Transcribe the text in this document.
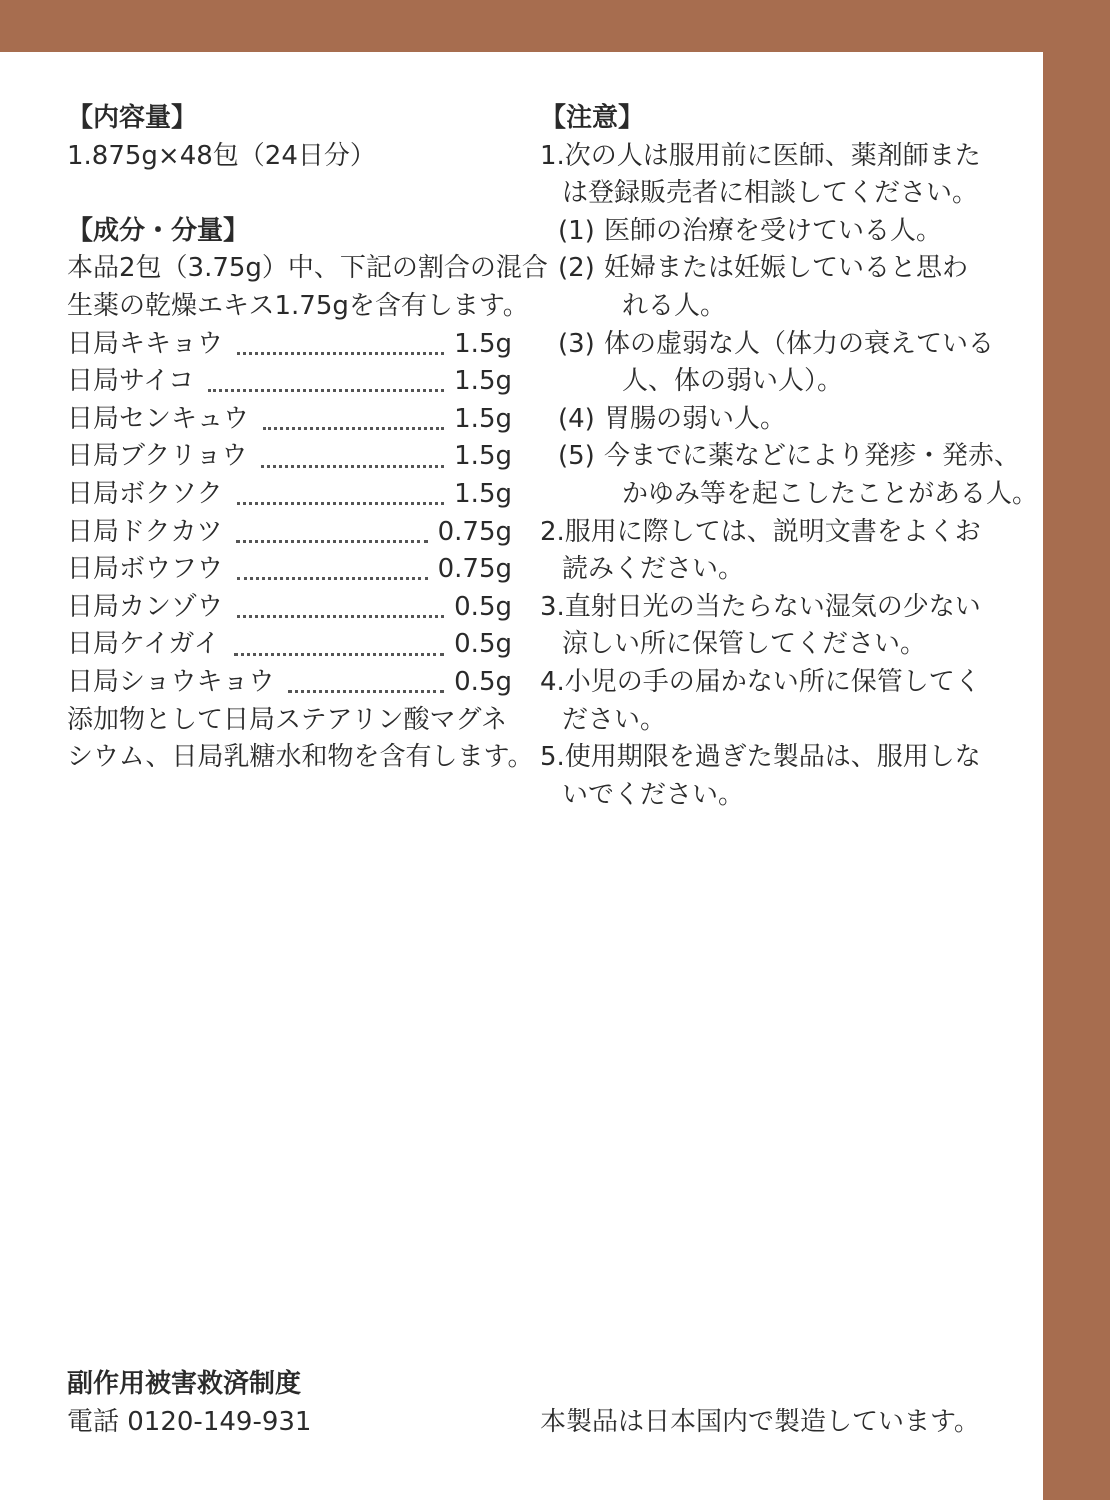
【内容量】
1.875g×48包（24日分）
【成分・分量】
本品2包（3.75g）中、下記の割合の混合
生薬の乾燥エキス1.75gを含有します。
日局キキョウ	1.5g
日局サイコ	1.5g
日局センキュウ	1.5g
日局ブクリョウ	1.5g
日局ボクソク	1.5g
日局ドクカツ	0.75g
日局ボウフウ	0.75g
日局カンゾウ	0.5g
日局ケイガイ	0.5g
日局ショウキョウ	0.5g
添加物として日局ステアリン酸マグネ
シウム、日局乳糖水和物を含有します。
【注意】
1.次の人は服用前に医師、薬剤師また
は登録販売者に相談してください。
(1) 医師の治療を受けている人。
(2) 妊婦または妊娠していると思わ
れる人。
(3) 体の虚弱な人（体力の衰えている
人、体の弱い人）。
(4) 胃腸の弱い人。
(5) 今までに薬などにより発疹・発赤、
かゆみ等を起こしたことがある人。
2.服用に際しては、説明文書をよくお
読みください。
3.直射日光の当たらない湿気の少ない
涼しい所に保管してください。
4.小児の手の届かない所に保管してく
ださい。
5.使用期限を過ぎた製品は、服用しな
いでください。
副作用被害救済制度
電話 0120-149-931	本製品は日本国内で製造しています。
